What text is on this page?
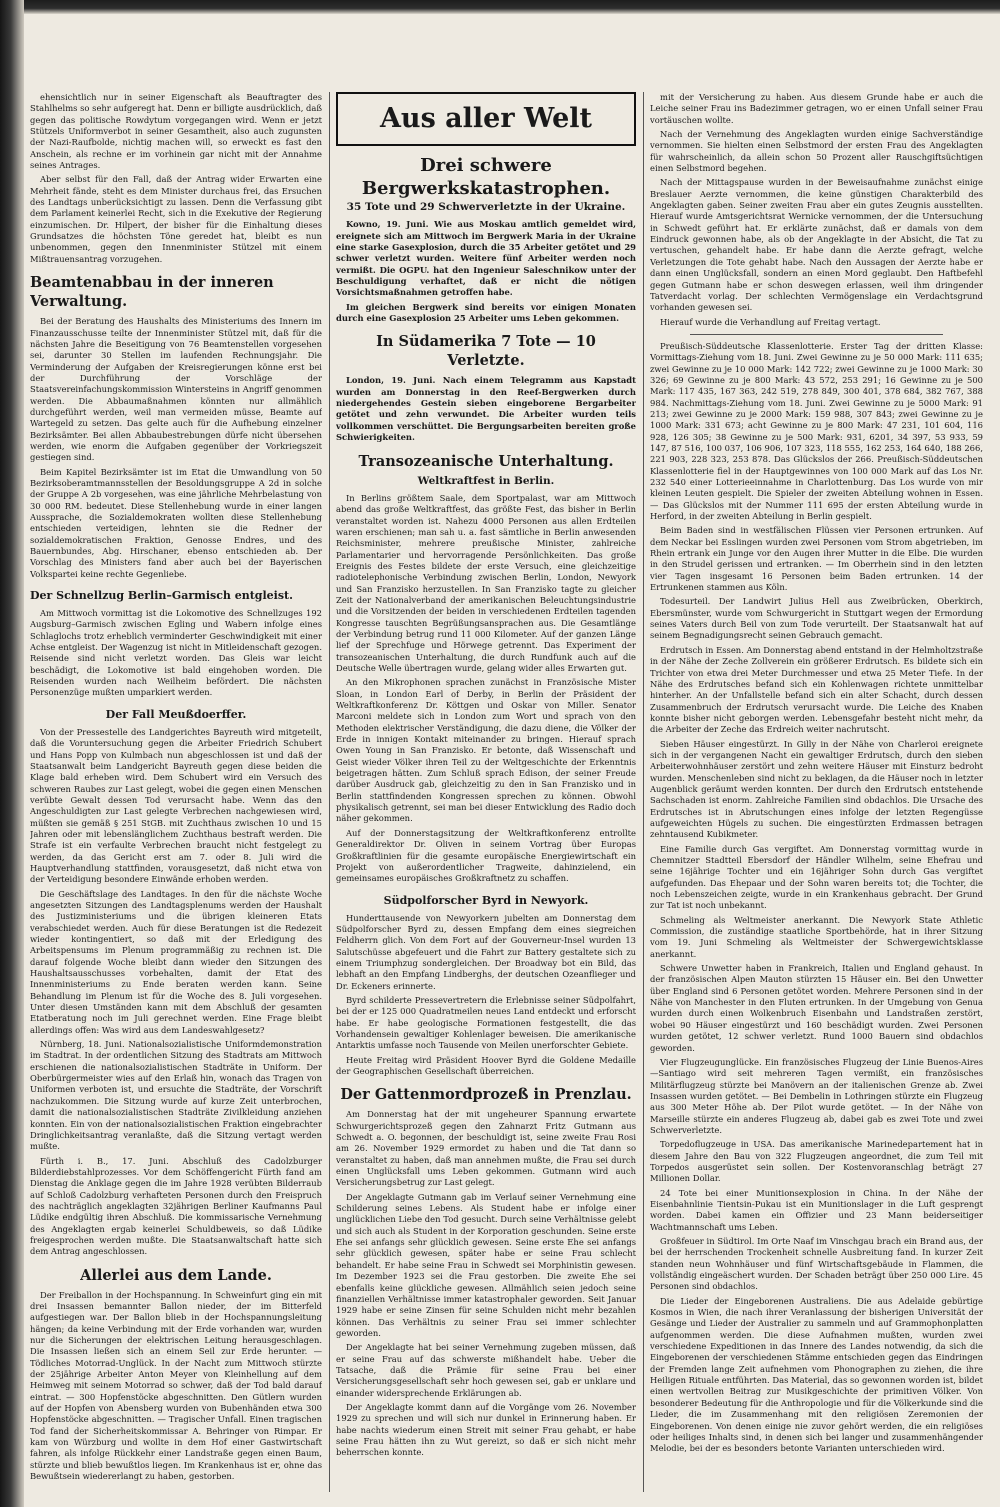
ehensichtlich nur in seiner Eigenschaft als Beauftragter des Stahlhelms so sehr aufgeregt hat. Denn er billigte ausdrücklich, daß gegen das politische Rowdytum vorgegangen wird. Wenn er jetzt Stützels Uniformverbot in seiner Gesamtheit, also auch zugunsten der Nazi-Raufbolde, nichtig machen will, so erweckt es fast den Anschein, als rechne er im vorhinein gar nicht mit der Annahme seines Antrages.

Aber selbst für den Fall, daß der Antrag wider Erwarten eine Mehrheit fände, steht es dem Minister durchaus frei, das Ersuchen des Landtags unberücksichtigt zu lassen. Denn die Verfassung gibt dem Parlament keinerlei Recht, sich in die Exekutive der Regierung einzumischen. Dr. Hilpert, der bisher für die Einhaltung dieses Grundsatzes die höchsten Töne geredet hat, bleibt es nun unbenommen, gegen den Innenminister Stützel mit einem Mißtrauensantrag vorzugehen.

Beamtenabbau in der inneren Verwaltung.

Bei der Beratung des Haushalts des Ministeriums des Innern im Finanzausschusse teilte der Innenminister Stützel mit, daß für die nächsten Jahre die Beseitigung von 76 Beamtenstellen vorgesehen sei, darunter 30 Stellen im laufenden Rechnungsjahr. Die Verminderung der Aufgaben der Kreisregierungen könne erst bei der Durchführung der Vorschläge der Staatsvereinfachungskommission Wintersteins in Angriff genommen werden. Die Abbaumaßnahmen könnten nur allmählich durchgeführt werden, weil man vermeiden müsse, Beamte auf Wartegeld zu setzen. Das gelte auch für die Aufhebung einzelner Bezirksämter. Bei allen Abbaubestrebungen dürfe nicht übersehen werden, wie enorm die Aufgaben gegenüber der Vorkriegszeit gestiegen sind.

Beim Kapitel Bezirksämter ist im Etat die Umwandlung von 50 Bezirksoberamtmannsstellen der Besoldungsgruppe A 2d in solche der Gruppe A 2b vorgesehen, was eine jährliche Mehrbelastung von 30 000 RM. bedeutet. Diese Stellenhebung wurde in einer langen Aussprache, die Sozialdemokraten wollten diese Stellenhebung entschieden verteidigen, lehnten sie die Redner der sozialdemokratischen Fraktion, Genosse Endres, und des Bauernbundes, Abg. Hirschaner, ebenso entschieden ab. Der Vorschlag des Ministers fand aber auch bei der Bayerischen Volkspartei keine rechte Gegenliebe.

Der Schnellzug Berlin–Garmisch entgleist.

Am Mittwoch vormittag ist die Lokomotive des Schnellzuges 192 Augsburg–Garmisch zwischen Egling und Wabern infolge eines Schlaglochs trotz erheblich verminderter Geschwindigkeit mit einer Achse entgleist. Der Wagenzug ist nicht in Mitleidenschaft gezogen. Reisende sind nicht verletzt worden. Das Gleis war leicht beschädigt, die Lokomotive ist bald eingehoben worden. Die Reisenden wurden nach Weilheim befördert. Die nächsten Personenzüge mußten umparkiert werden.

Der Fall Meußdoerffer.

Von der Pressestelle des Landgerichtes Bayreuth wird mitgeteilt, daß die Voruntersuchung gegen die Arbeiter Friedrich Schubert und Hans Popp von Kulmbach nun abgeschlossen ist und daß der Staatsanwalt beim Landgericht Bayreuth gegen diese beiden die Klage bald erheben wird. Dem Schubert wird ein Versuch des schweren Raubes zur Last gelegt, wobei die gegen einen Menschen verübte Gewalt dessen Tod verursacht habe. Wenn das den Angeschuldigten zur Last gelegte Verbrechen nachgewiesen wird, müßten sie gemäß § 251 StGB. mit Zuchthaus zwischen 10 und 15 Jahren oder mit lebenslänglichem Zuchthaus bestraft werden. Die Strafe ist ein verfaulte Verbrechen braucht nicht festgelegt zu werden, da das Gericht erst am 7. oder 8. Juli wird die Hauptverhandlung stattfinden, vorausgesetzt, daß nicht etwa von der Verteidigung besondere Einwände erhoben werden.

Die Geschäftslage des Landtages. In den für die nächste Woche angesetzten Sitzungen des Landtagsplenums werden der Haushalt des Justizministeriums und die übrigen kleineren Etats verabschiedet werden. Auch für diese Beratungen ist die Redezeit wieder kontingentiert, so daß mit der Erledigung des Arbeitspensums im Plenum programmäßig zu rechnen ist. Die darauf folgende Woche bleibt dann wieder den Sitzungen des Haushaltsausschusses vorbehalten, damit der Etat des Innenministeriums zu Ende beraten werden kann. Seine Behandlung im Plenum ist für die Woche des 8. Juli vorgesehen. Unter diesen Umständen kann mit dem Abschluß der gesamten Etatberatung noch im Juli gerechnet werden. Eine Frage bleibt allerdings offen: Was wird aus dem Landeswahlgesetz?

Nürnberg, 18. Juni. Nationalsozialistische Uniformdemonstration im Stadtrat. In der ordentlichen Sitzung des Stadtrats am Mittwoch erschienen die nationalsozialistischen Stadträte in Uniform. Der Oberbürgermeister wies auf den Erlaß hin, wonach das Tragen von Uniformen verboten ist, und ersuchte die Stadträte, der Vorschrift nachzukommen. Die Sitzung wurde auf kurze Zeit unterbrochen, damit die nationalsozialistischen Stadträte Zivilkleidung anziehen konnten. Ein von der nationalsozialistischen Fraktion eingebrachter Dringlichkeitsantrag veranlaßte, daß die Sitzung vertagt werden mußte.

Fürth i. B., 17. Juni. Abschluß des Cadolzburger Bilderdiebstahlprozesses. Vor dem Schöffengericht Fürth fand am Dienstag die Anklage gegen die im Jahre 1928 verübten Bilderraub auf Schloß Cadolzburg verhafteten Personen durch den Freispruch des nachträglich angeklagten 32jährigen Berliner Kaufmanns Paul Lüdike endgültig ihren Abschluß. Die kommissarische Vernehmung des Angeklagten ergab keinerlei Schuldbeweis, so daß Lüdike freigesprochen werden mußte. Die Staatsanwaltschaft hatte sich dem Antrag angeschlossen.

Allerlei aus dem Lande.

Der Freiballon in der Hochspannung. In Schweinfurt ging ein mit drei Insassen bemannter Ballon nieder, der im Bitterfeld aufgestiegen war. Der Ballon blieb in der Hochspannungsleitung hängen; da keine Verbindung mit der Erde vorhanden war, wurden nur die Sicherungen der elektrischen Leitung herausgeschlagen. Die Insassen ließen sich an einem Seil zur Erde herunter. — Tödliches Motorrad-Unglück. In der Nacht zum Mittwoch stürzte der 25jährige Arbeiter Anton Meyer von Kleinhellung auf dem Heimweg mit seinem Motorrad so schwer, daß der Tod bald darauf eintrat. — 300 Hopfenstöcke abgeschnitten. Den Gütlern wurden auf der Hopfen von Abensberg wurden von Bubenhänden etwa 300 Hopfenstöcke abgeschnitten. — Tragischer Unfall. Einen tragischen Tod fand der Sicherheitskommissar A. Behringer von Rimpar. Er kam von Würzburg und wollte in dem Hof einer Gastwirtschaft fahren, als infolge Rückkehr einer Landstraße gegen einen Baum, stürzte und blieb bewußtlos liegen. Im Krankenhaus ist er, ohne das Bewußtsein wiedererlangt zu haben, gestorben.

Aus aller Welt
Drei schwere Bergwerkskatastrophen.
35 Tote und 29 Schwerverletzte in der Ukraine.

Kowno, 19. Juni. Wie aus Moskau amtlich gemeldet wird, ereignete sich am Mittwoch im Bergwerk Maria in der Ukraine eine starke Gasexplosion, durch die 35 Arbeiter getötet und 29 schwer verletzt wurden. Weitere fünf Arbeiter werden noch vermißt. Die OGPU. hat den Ingenieur Saleschnikow unter der Beschuldigung verhaftet, daß er nicht die nötigen Vorsichtsmaßnahmen getroffen habe.

Im gleichen Bergwerk sind bereits vor einigen Monaten durch eine Gasexplosion 25 Arbeiter ums Leben gekommen.

In Südamerika 7 Tote — 10 Verletzte.

London, 19. Juni. Nach einem Telegramm aus Kapstadt wurden am Donnerstag in den Reef-Bergwerken durch niedergehendes Gestein sieben eingeborene Bergarbeiter getötet und zehn verwundet. Die Arbeiter wurden teils vollkommen verschüttet. Die Bergungsarbeiten bereiten große Schwierigkeiten.

Transozeanische Unterhaltung.
Weltkraftfest in Berlin.

In Berlins größtem Saale, dem Sportpalast, war am Mittwoch abend das große Weltkraftfest, das größte Fest, das bisher in Berlin veranstaltet worden ist. Nahezu 4000 Personen aus allen Erdteilen waren erschienen; man sah u. a. fast sämtliche in Berlin anwesenden Reichsminister, mehrere preußische Minister, zahlreiche Parlamentarier und hervorragende Persönlichkeiten. Das große Ereignis des Festes bildete der erste Versuch, eine gleichzeitige radiotelephonische Verbindung zwischen Berlin, London, Newyork und San Franzisko herzustellen. In San Franzisko tagte zu gleicher Zeit der Nationalverband der amerikanischen Beleuchtungsindustrie und die Vorsitzenden der beiden in verschiedenen Erdteilen tagenden Kongresse tauschten Begrüßungsansprachen aus. Die Gesamtlänge der Verbindung betrug rund 11 000 Kilometer. Auf der ganzen Länge lief der Sprechfuge und Hörwege getrennt. Das Experiment der transozeanischen Unterhaltung, die durch Rundfunk auch auf die Deutsche Welle übertragen wurde, gelang wider alles Erwarten gut.

An den Mikrophonen sprachen zunächst in Französische Mister Sloan, in London Earl of Derby, in Berlin der Präsident der Weltkraftkonferenz Dr. Köttgen und Oskar von Miller. Senator Marconi meldete sich in London zum Wort und sprach von den Methoden elektrischer Verständigung, die dazu diene, die Völker der Erde in innigen Kontakt miteinander zu bringen. Hierauf sprach Owen Young in San Franzisko. Er betonte, daß Wissenschaft und Geist wieder Völker ihren Teil zu der Weltgeschichte der Erkenntnis beigetragen hätten. Zum Schluß sprach Edison, der seiner Freude darüber Ausdruck gab, gleichzeitig zu den in San Franzisko und in Berlin stattfindenden Kongressen sprechen zu können. Obwohl physikalisch getrennt, sei man bei dieser Entwicklung des Radio doch näher gekommen.

Auf der Donnerstagsitzung der Weltkraftkonferenz entrollte Generaldirektor Dr. Oliven in seinem Vortrag über Europas Großkraftlinien für die gesamte europäische Energiewirtschaft ein Projekt von außerordentlicher Tragweite, dahinzielend, ein gemeinsames europäisches Großkraftnetz zu schaffen.

Südpolforscher Byrd in Newyork.

Hunderttausende von Newyorkern jubelten am Donnerstag dem Südpolforscher Byrd zu, dessen Empfang dem eines siegreichen Feldherrn glich. Von dem Fort auf der Gouverneur-Insel wurden 13 Salutschüsse abgefeuert und die Fahrt zur Battery gestaltete sich zu einem Triumphzug sondergleichen. Der Broadway bot ein Bild, das lebhaft an den Empfang Lindberghs, der deutschen Ozeanflieger und Dr. Eckeners erinnerte.

Byrd schilderte Pressevertretern die Erlebnisse seiner Südpolfahrt, bei der er 125 000 Quadratmeilen neues Land entdeckt und erforscht habe. Er habe geologische Formationen festgestellt, die das Vorhandensein gewaltiger Kohlenlager beweisen. Die amerikanische Antarktis umfasse noch Tausende von Meilen unerforschter Gebiete.

Heute Freitag wird Präsident Hoover Byrd die Goldene Medaille der Geographischen Gesellschaft überreichen.

Der Gattenmordprozeß in Prenzlau.

Am Donnerstag hat der mit ungeheurer Spannung erwartete Schwurgerichtsprozeß gegen den Zahnarzt Fritz Gutmann aus Schwedt a. O. begonnen, der beschuldigt ist, seine zweite Frau Rosi am 26. November 1929 ermordet zu haben und die Tat dann so veranstaltet zu haben, daß man annehmen mußte, die Frau sei durch einen Unglücksfall ums Leben gekommen. Gutmann wird auch Versicherungsbetrug zur Last gelegt.

Der Angeklagte Gutmann gab im Verlauf seiner Vernehmung eine Schilderung seines Lebens. Als Student habe er infolge einer unglücklichen Liebe den Tod gesucht. Durch seine Verhältnisse gelebt und sich auch als Student in der Korporation geschunden. Seine erste Ehe sei anfangs sehr glücklich gewesen. Seine erste Ehe sei anfangs sehr glücklich gewesen, später habe er seine Frau schlecht behandelt. Er habe seine Frau in Schwedt sei Morphinistin gewesen. Im Dezember 1923 sei die Frau gestorben. Die zweite Ehe sei ebenfalls keine glückliche gewesen. Allmählich seien jedoch seine finanziellen Verhältnisse immer katastrophaler geworden. Seit Januar 1929 habe er seine Zinsen für seine Schulden nicht mehr bezahlen können. Das Verhältnis zu seiner Frau sei immer schlechter geworden.

Der Angeklagte hat bei seiner Vernehmung zugeben müssen, daß er seine Frau auf das schwerste mißhandelt habe. Ueber die Tatsache, daß die Prämie für seine Frau bei einer Versicherungsgesellschaft sehr hoch gewesen sei, gab er unklare und einander widersprechende Erklärungen ab.

Der Angeklagte kommt dann auf die Vorgänge vom 26. November 1929 zu sprechen und will sich nur dunkel in Erinnerung haben. Er habe nachts wiederum einen Streit mit seiner Frau gehabt, er habe seine Frau hätten ihn zu Wut gereizt, so daß er sich nicht mehr beherrschen konnte.

mit der Versicherung zu haben. Aus diesem Grunde habe er auch die Leiche seiner Frau ins Badezimmer getragen, wo er einen Unfall seiner Frau vortäuschen wollte.

Nach der Vernehmung des Angeklagten wurden einige Sachverständige vernommen. Sie hielten einen Selbstmord der ersten Frau des Angeklagten für wahrscheinlich, da allein schon 50 Prozent aller Rauschgiftsüchtigen einen Selbstmord begehen.

Nach der Mittagspause wurden in der Beweisaufnahme zunächst einige Breslauer Aerzte vernommen, die keine günstigen Charakterbild des Angeklagten gaben. Seiner zweiten Frau aber ein gutes Zeugnis ausstellten. Hierauf wurde Amtsgerichtsrat Wernicke vernommen, der die Untersuchung in Schwedt geführt hat. Er erklärte zunächst, daß er damals von dem Eindruck gewonnen habe, als ob der Angeklagte in der Absicht, die Tat zu vertuschen, gehandelt habe. Er habe dann die Aerzte gefragt, welche Verletzungen die Tote gehabt habe. Nach den Aussagen der Aerzte habe er dann einen Unglücksfall, sondern an einen Mord geglaubt. Den Haftbefehl gegen Gutmann habe er schon deswegen erlassen, weil ihm dringender Tatverdacht vorlag. Der schlechten Vermögenslage ein Verdachtsgrund vorhanden gewesen sei.

Hierauf wurde die Verhandlung auf Freitag vertagt.

Preußisch-Süddeutsche Klassenlotterie. Erster Tag der dritten Klasse: Vormittags-Ziehung vom 18. Juni. Zwei Gewinne zu je 50 000 Mark: 111 635; zwei Gewinne zu je 10 000 Mark: 142 722; zwei Gewinne zu je 1000 Mark: 30 326; 69 Gewinne zu je 800 Mark: 43 572, 253 291; 16 Gewinne zu je 500 Mark: 117 435, 167 363, 242 519, 278 849, 300 401, 378 684, 382 767, 388 984. Nachmittags-Ziehung vom 18. Juni. Zwei Gewinne zu je 5000 Mark: 91 213; zwei Gewinne zu je 2000 Mark: 159 988, 307 843; zwei Gewinne zu je 1000 Mark: 331 673; acht Gewinne zu je 800 Mark: 47 231, 101 604, 116 928, 126 305; 38 Gewinne zu je 500 Mark: 931, 6201, 34 397, 53 933, 59 147, 87 516, 100 037, 106 906, 107 323, 118 555, 162 253, 164 640, 188 266, 221 903, 228 323, 253 878. Das Glückslos der 266. Preußisch-Süddeutschen Klassenlotterie fiel in der Hauptgewinnes von 100 000 Mark auf das Los Nr. 232 540 einer Lotterieeinnahme in Charlottenburg. Das Los wurde von mir kleinen Leuten gespielt. Die Spieler der zweiten Abteilung wohnen in Essen. — Das Glückslos mit der Nummer 111 695 der ersten Abteilung wurde in Herford, in der zweiten Abteilung in Berlin gespielt.

Beim Baden sind in westfälischen Flüssen vier Personen ertrunken. Auf dem Neckar bei Esslingen wurden zwei Personen vom Strom abgetrieben, im Rhein ertrank ein Junge vor den Augen ihrer Mutter in die Elbe. Die wurden in den Strudel gerissen und ertranken. — Im Oberrhein sind in den letzten vier Tagen insgesamt 16 Personen beim Baden ertrunken. 14 der Ertrunkenen stammen aus Köln.

Todesurteil. Der Landwirt Julius Hell aus Zweibrücken, Oberkirch, Ebersmünster, wurde vom Schwurgericht in Stuttgart wegen der Ermordung seines Vaters durch Beil von zum Tode verurteilt. Der Staatsanwalt hat auf seinem Begnadigungsrecht seinen Gebrauch gemacht.

Erdrutsch in Essen. Am Donnerstag abend entstand in der Helmholtzstraße in der Nähe der Zeche Zollverein ein größerer Erdrutsch. Es bildete sich ein Trichter von etwa drei Meter Durchmesser und etwa 25 Meter Tiefe. In der Nähe des Erdrutsches befand sich ein Kohlenwagen richtete unmittelbar hinterher. An der Unfallstelle befand sich ein alter Schacht, durch dessen Zusammenbruch der Erdrutsch verursacht wurde. Die Leiche des Knaben konnte bisher nicht geborgen werden. Lebensgefahr besteht nicht mehr, da die Arbeiter der Zeche das Erdreich weiter nachrutscht.

Sieben Häuser eingestürzt. In Gilly in der Nähe von Charleroi ereignete sich in der vergangenen Nacht ein gewaltiger Erdrutsch, durch den sieben Arbeiterwohnhäuser zerstört und zehn weitere Häuser mit Einsturz bedroht wurden. Menschenleben sind nicht zu beklagen, da die Häuser noch in letzter Augenblick geräumt werden konnten. Der durch den Erdrutsch entstehende Sachschaden ist enorm. Zahlreiche Familien sind obdachlos. Die Ursache des Erdrutsches ist in Abrutschungen eines infolge der letzten Regengüsse aufgeweichten Hügels zu suchen. Die eingestürzten Erdmassen betragen zehntausend Kubikmeter.

Eine Familie durch Gas vergiftet. Am Donnerstag vormittag wurde in Chemnitzer Stadtteil Ebersdorf der Händler Wilhelm, seine Ehefrau und seine 16jährige Tochter und ein 16jähriger Sohn durch Gas vergiftet aufgefunden. Das Ehepaar und der Sohn waren bereits tot; die Tochter, die noch Lebenszeichen zeigte, wurde in ein Krankenhaus gebracht. Der Grund zur Tat ist noch unbekannt.

Schmeling als Weltmeister anerkannt. Die Newyork State Athletic Commission, die zuständige staatliche Sportbehörde, hat in ihrer Sitzung vom 19. Juni Schmeling als Weltmeister der Schwergewichtsklasse anerkannt.

Schwere Unwetter haben in Frankreich, Italien und England gehaust. In der französischen Alpen Mauton stürzten 15 Häuser ein. Bei den Unwetter über England sind 6 Personen getötet worden. Mehrere Personen sind in der Nähe von Manchester in den Fluten ertrunken. In der Umgebung von Genua wurden durch einen Wolkenbruch Eisenbahn und Landstraßen zerstört, wobei 90 Häuser eingestürzt und 160 beschädigt wurden. Zwei Personen wurden getötet, 12 schwer verletzt. Rund 1000 Bauern sind obdachlos geworden.

Vier Flugzeugunglücke. Ein französisches Flugzeug der Linie Buenos-Aires—Santiago wird seit mehreren Tagen vermißt, ein französisches Militärflugzeug stürzte bei Manövern an der italienischen Grenze ab. Zwei Insassen wurden getötet. — Bei Dembelin in Lothringen stürzte ein Flugzeug aus 300 Meter Höhe ab. Der Pilot wurde getötet. — In der Nähe von Marseille stürzte ein anderes Flugzeug ab, dabei gab es zwei Tote und zwei Schwerverletzte.

Torpedoflugzeuge in USA. Das amerikanische Marinedepartement hat in diesem Jahre den Bau von 322 Flugzeugen angeordnet, die zum Teil mit Torpedos ausgerüstet sein sollen. Der Kostenvoranschlag beträgt 27 Millionen Dollar.

24 Tote bei einer Munitionsexplosion in China. In der Nähe der Eisenbahnlinie Tientsin-Pukau ist ein Munitionslager in die Luft gesprengt worden. Dabei kamen ein Offizier und 23 Mann beiderseitiger Wachtmannschaft ums Leben.

Großfeuer in Südtirol. Im Orte Naaf im Vinschgau brach ein Brand aus, der bei der herrschenden Trockenheit schnelle Ausbreitung fand. In kurzer Zeit standen neun Wohnhäuser und fünf Wirtschaftsgebäude in Flammen, die vollständig eingeäschert wurden. Der Schaden beträgt über 250 000 Lire. 45 Personen sind obdachlos.

Die Lieder der Eingeborenen Australiens. Die aus Adelaide gebürtige Kosmos in Wien, die nach ihrer Veranlassung der bisherigen Universität der Gesänge und Lieder der Australier zu sammeln und auf Grammophonplatten aufgenommen werden. Die diese Aufnahmen mußten, wurden zwei verschiedene Expeditionen in das Innere des Landes notwendig, da sich die Eingeborenen der verschiedenen Stämme entschieden gegen das Eindringen der Fremden lange Zeit aufnehmen vom Phonographen zu ziehen, die ihre Heiligen Rituale entführten. Das Material, das so gewonnen worden ist, bildet einen wertvollen Beitrag zur Musikgeschichte der primitiven Völker. Von besonderer Bedeutung für die Anthropologie und für die Völkerkunde sind die Lieder, die im Zusammenhang mit den religiösen Zeremonien der Eingeborenen. Von denen einige nie zuvor gehört werden, die ein religiöses oder heiliges Inhalts sind, in denen sich bei langer und zusammenhängender Melodie, bei der es besonders betonte Varianten unterschieden wird.
